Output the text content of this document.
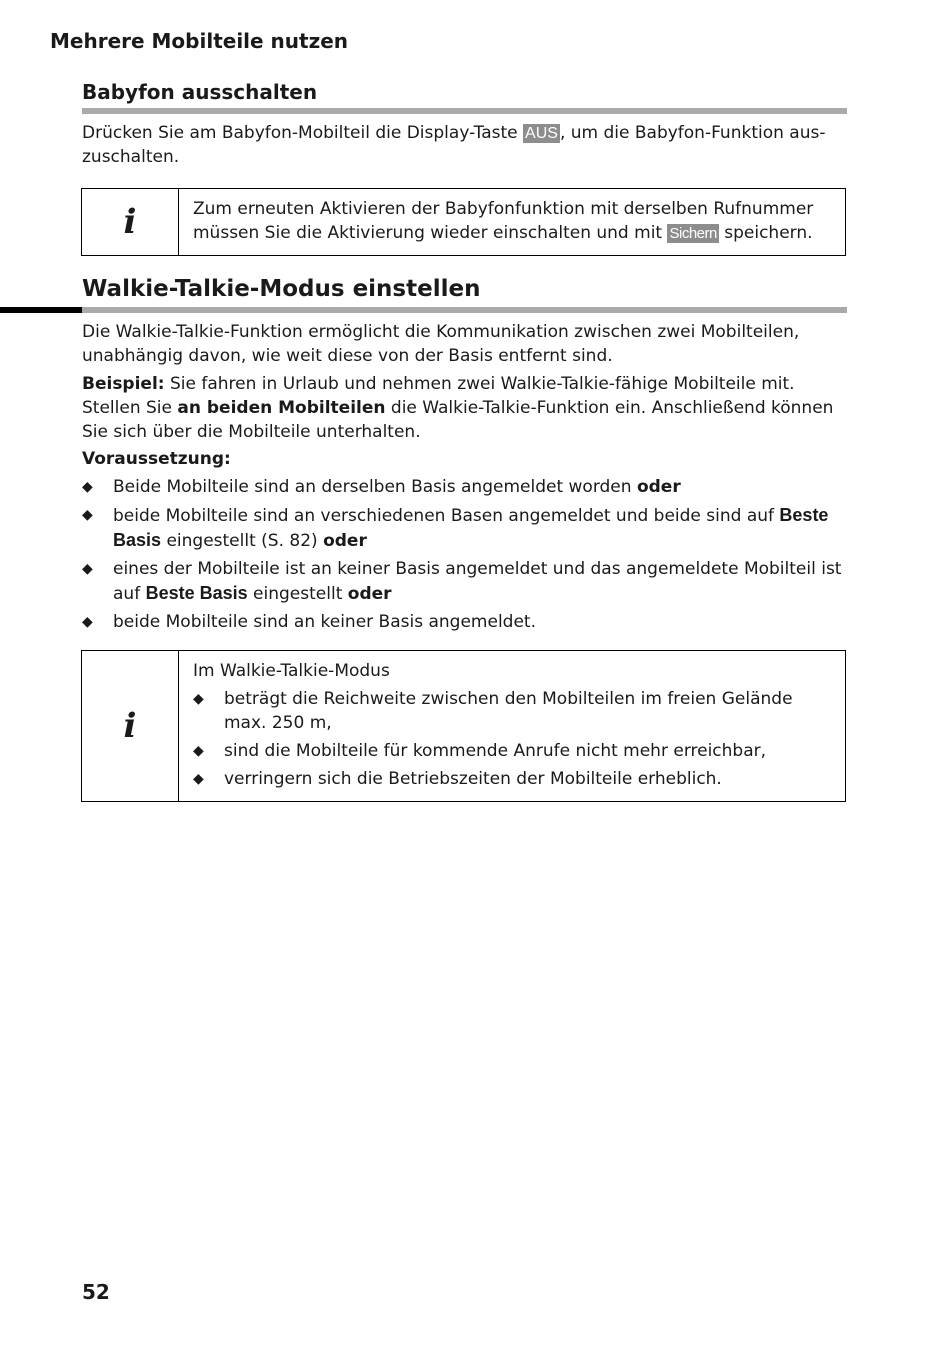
Mehrere Mobilteile nutzen
Babyfon ausschalten

Drücken Sie am Babyfon-Mobilteil die Display-Taste AUS , um die Babyfon-Funktion aus-
zuschalten.

i	Zum erneuten Aktivieren der Babyfonfunktion mit derselben Rufnummer müssen Sie die Aktivierung wieder einschalten und mit Sichern speichern.
Walkie-Talkie-Modus einstellen

Die Walkie-Talkie-Funktion ermöglicht die Kommunikation zwischen zwei Mobilteilen, unabhängig davon, wie weit diese von der Basis entfernt sind.

Beispiel: Sie fahren in Urlaub und nehmen zwei Walkie-Talkie-fähige Mobilteile mit. Stellen Sie an beiden Mobilteilen die Walkie-Talkie-Funktion ein. Anschließend können Sie sich über die Mobilteile unterhalten.

Voraussetzung:

◆ Beide Mobilteile sind an derselben Basis angemeldet worden oder
◆ beide Mobilteile sind an verschiedenen Basen angemeldet und beide sind auf Beste Basis eingestellt (S. 82) oder
◆ eines der Mobilteile ist an keiner Basis angemeldet und das angemeldete Mobilteil ist auf Beste Basis eingestellt oder
◆ beide Mobilteile sind an keiner Basis angemeldet.
i
Im Walkie-Talkie-Modus
◆ beträgt die Reichweite zwischen den Mobilteilen im freien Gelände max. 250 m,
◆ sind die Mobilteile für kommende Anrufe nicht mehr erreichbar,
◆ verringern sich die Betriebszeiten der Mobilteile erheblich.

52
